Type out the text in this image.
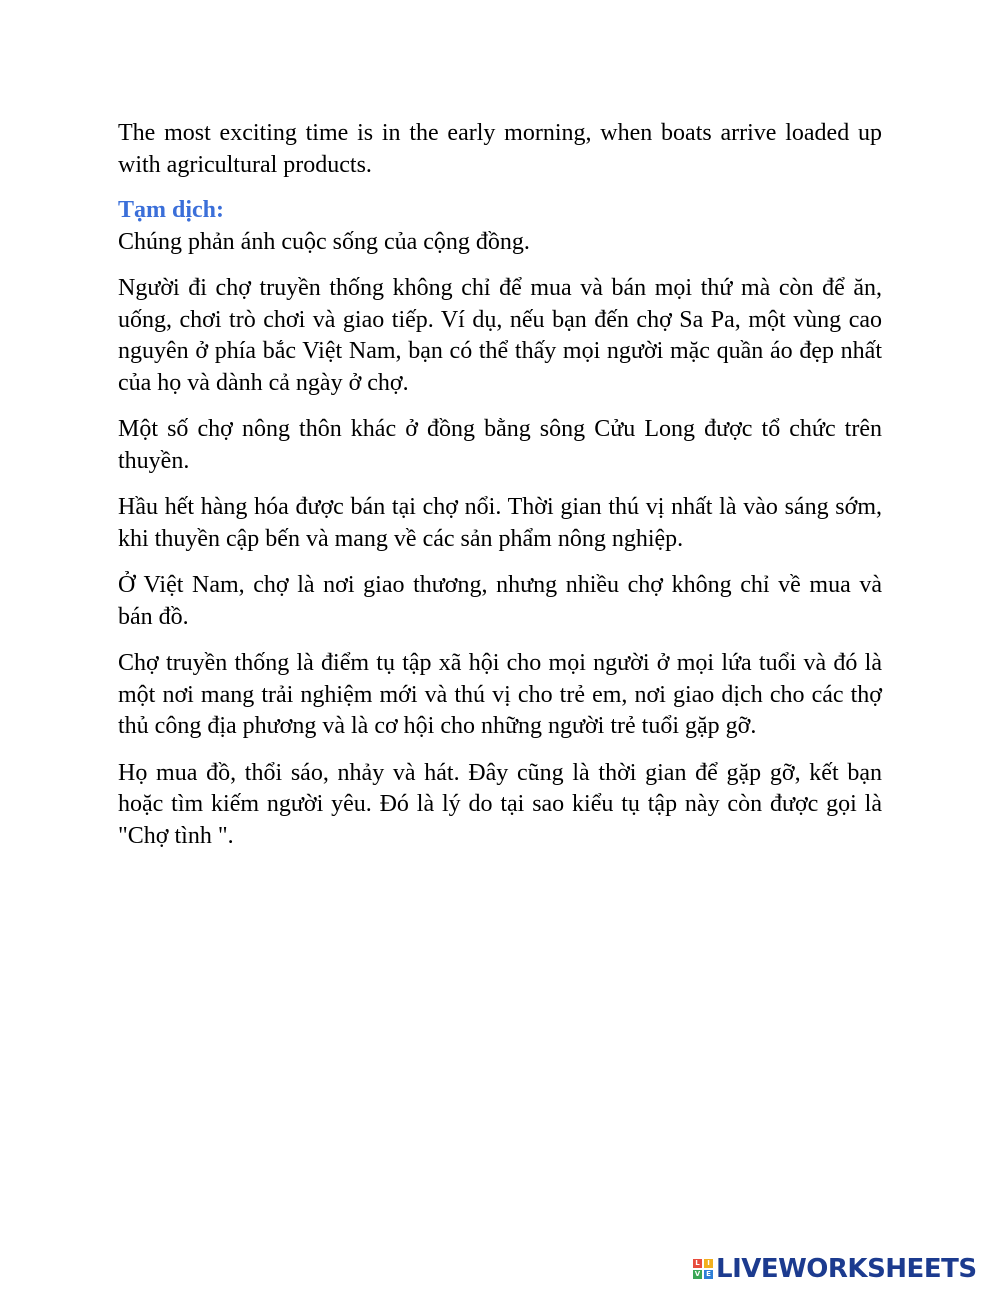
The most exciting time is in the early morning, when boats arrive loaded up with agricultural products.

Tạm dịch:

Chúng phản ánh cuộc sống của cộng đồng.

Người đi chợ truyền thống không chỉ để mua và bán mọi thứ mà còn để ăn, uống, chơi trò chơi và giao tiếp. Ví dụ, nếu bạn đến chợ Sa Pa, một vùng cao nguyên ở phía bắc Việt Nam, bạn có thể thấy mọi người mặc quần áo đẹp nhất của họ và dành cả ngày ở chợ.

Một số chợ nông thôn khác ở đồng bằng sông Cửu Long được tổ chức trên thuyền.

Hầu hết hàng hóa được bán tại chợ nổi. Thời gian thú vị nhất là vào sáng sớm, khi thuyền cập bến và mang về các sản phẩm nông nghiệp.

Ở Việt Nam, chợ là nơi giao thương, nhưng nhiều chợ không chỉ về mua và bán đồ.

Chợ truyền thống là điểm tụ tập xã hội cho mọi người ở mọi lứa tuổi và đó là một nơi mang trải nghiệm mới và thú vị cho trẻ em, nơi giao dịch cho các thợ thủ công địa phương và là cơ hội cho những người trẻ tuổi gặp gỡ.

Họ mua đồ, thổi sáo, nhảy và hát. Đây cũng là thời gian để gặp gỡ, kết bạn hoặc tìm kiếm người yêu. Đó là lý do tại sao kiểu tụ tập này còn được gọi là "Chợ tình ".

L	I
V E LIVEWORKSHEETS
